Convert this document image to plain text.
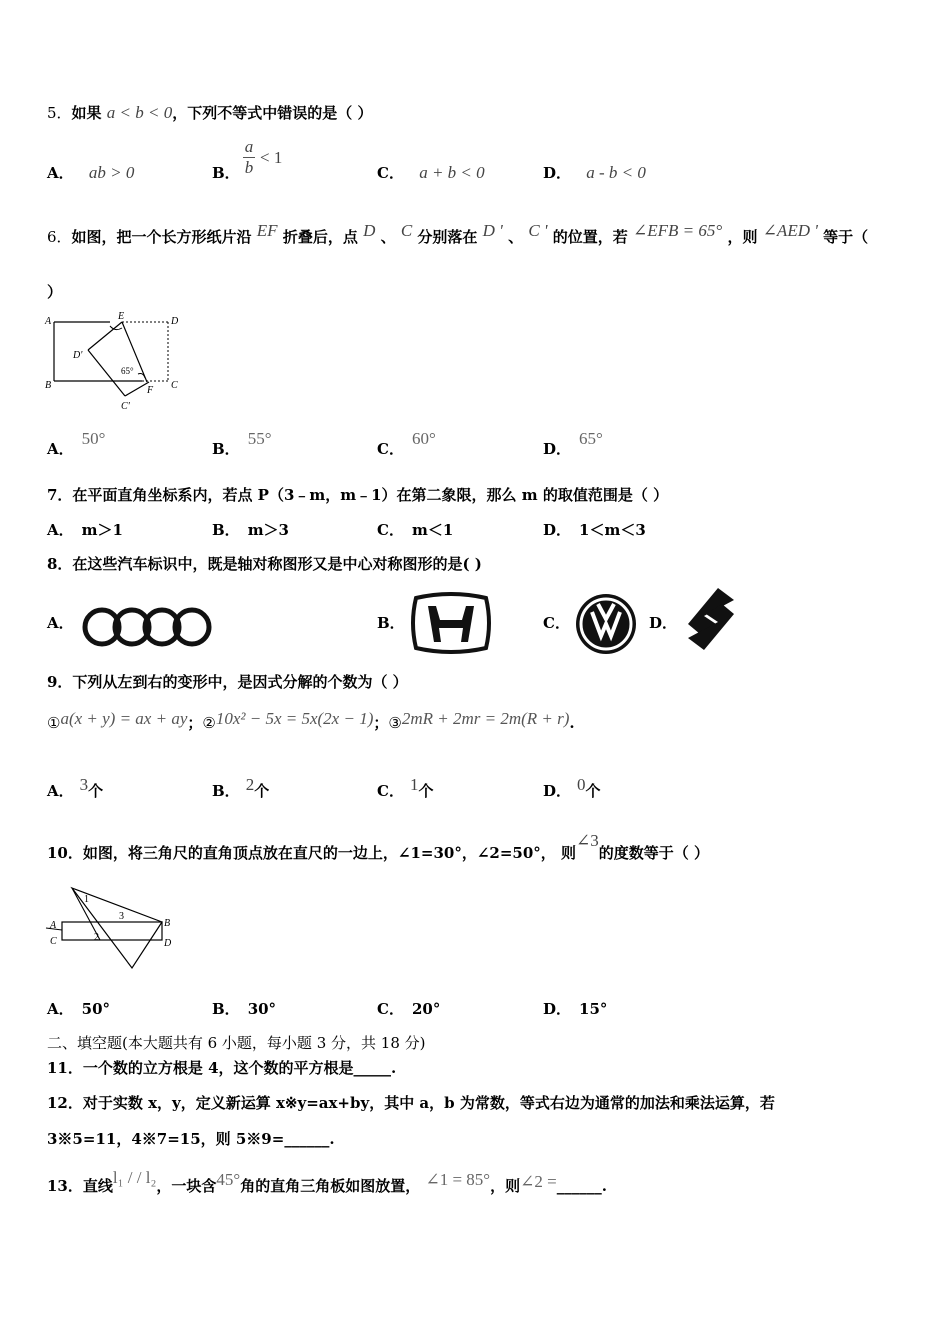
5．如果 a < b < 0，下列不等式中错误的是（ ）
A． ab > 0	B．
a
b
< 1
C． a + b < 0	D． a - b < 0
6．如图，把一个长方形纸片沿 EF 折叠后，点 D 、 C 分别落在 D ' 、 C ' 的位置，若 ∠EFB = 65° ，则 ∠AED ' 等于（
）
A	E	D
D'
B	F C
C'
65°
A．50°
B．55°
C．60°
D．65°
7．在平面直角坐标系内，若点 P（3﹣m，m﹣1）在第二象限，那么 m 的取值范围是（ ）
A． m＞1	B． m＞3	C． m＜1	D． 1＜m＜3
8．在这些汽车标识中，既是轴对称图形又是中心对称图形的是( )
A．	B．	C．	D．
9．下列从左到右的变形中，是因式分解的个数为（ ）
①a(x + y) = ax + ay；②10x² − 5x = 5x(2x − 1)；③2mR + 2mr = 2m(R + r).
A． 3个	B． 2个	C． 1个	D． 0个
10．如图，将三角尺的直角顶点放在直尺的一边上，∠1=30°，∠2=50°， 则∠3的度数等于（ ）
A
C
B
D
1
2
3
A． 50°	B． 30°	C． 20°	D． 15°
二、填空题(本大题共有 6 小题，每小题 3 分，共 18 分)
11．一个数的立方根是 4，这个数的平方根是_____.
12．对于实数 x，y，定义新运算 x※y=ax+by，其中 a，b 为常数，等式右边为通常的加法和乘法运算，若
3※5=11，4※7=15，则 5※9=______.
13．直线l₁ / / l₂，一块含45°角的直角三角板如图放置， ∠1 = 85°，则∠2 =______.
